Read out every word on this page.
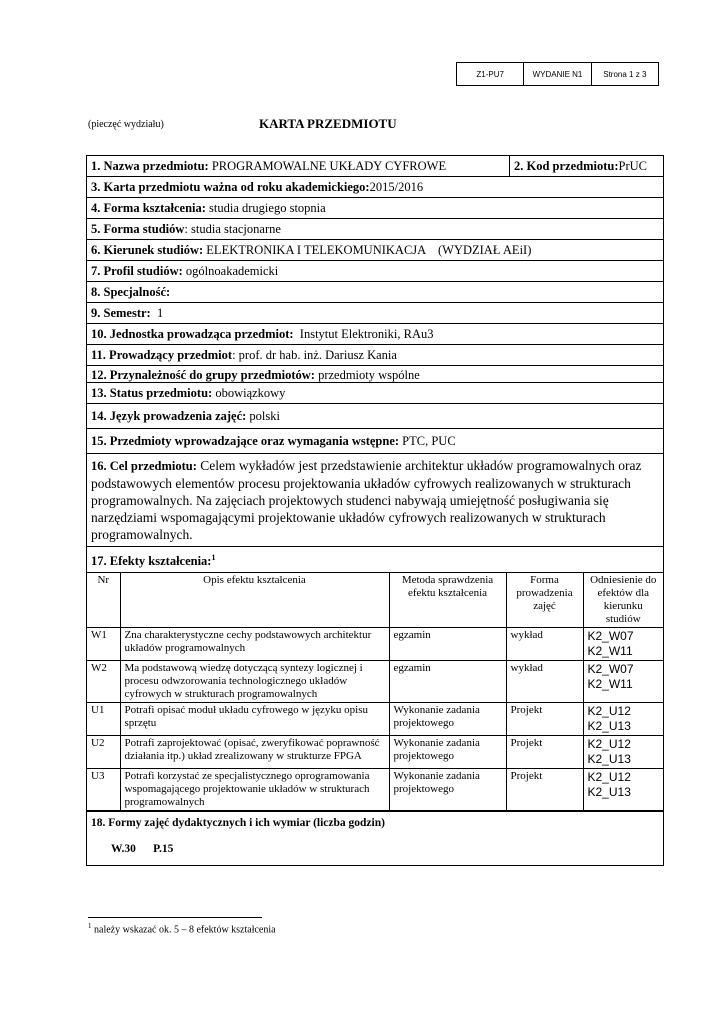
Z1-PU7	WYDANIE N1	Strona 1 z 3
(pieczęć wydziału)	KARTA PRZEDMIOTU
1. Nazwa przedmiotu: PROGRAMOWALNE UKŁADY CYFROWE	2. Kod przedmiotu:PrUC
3. Karta przedmiotu ważna od roku akademickiego:2015/2016
4. Forma kształcenia: studia drugiego stopnia
5. Forma studiów: studia stacjonarne
6. Kierunek studiów: ELEKTRONIKA I TELEKOMUNIKACJA    (WYDZIAŁ AEiI)
7. Profil studiów: ogólnoakademicki
8. Specjalność:
9. Semestr: 1
10. Jednostka prowadząca przedmiot: Instytut Elektroniki, RAu3
11. Prowadzący przedmiot: prof. dr hab. inż. Dariusz Kania
12. Przynależność do grupy przedmiotów: przedmioty wspólne
13. Status przedmiotu: obowiązkowy
14. Język prowadzenia zajęć: polski
15. Przedmioty wprowadzające oraz wymagania wstępne: PTC, PUC
16. Cel przedmiotu: Celem wykładów jest przedstawienie architektur układów programowalnych oraz podstawowych elementów procesu projektowania układów cyfrowych realizowanych w strukturach programowalnych. Na zajęciach projektowych studenci nabywają umiejętność posługiwania się narzędziami wspomagającymi projektowanie układów cyfrowych realizowanych w strukturach programowalnych.
17. Efekty kształcenia:$^1$
Nr	Opis efektu kształcenia	Metoda sprawdzenia efektu kształcenia	Forma prowadzenia zajęć	Odniesienie do efektów dla kierunku studiów
W1	Zna charakterystyczne cechy podstawowych architektur układów programowalnych	egzamin	wykład	K2_W07
K2_W11

W2	Ma podstawową wiedzę dotyczącą syntezy logicznej i procesu odwzorowania technologicznego układów cyfrowych w strukturach programowalnych	egzamin	wykład	K2_W07
K2_W11

U1	Potrafi opisać moduł układu cyfrowego w języku opisu sprzętu	Wykonanie zadania projektowego	Projekt	K2_U12
K2_U13

U2	Potrafi zaprojektować (opisać, zweryfikować poprawność działania itp.) układ zrealizowany w strukturze FPGA	Wykonanie zadania projektowego	Projekt	K2_U12
K2_U13

U3	Potrafi korzystać ze specjalistycznego oprogramowania wspomagającego projektowanie układów w strukturach programowalnych	Wykonanie zadania projektowego	Projekt	K2_U12
K2_U13
18. Formy zajęć dydaktycznych i ich wymiar (liczba godzin)
W.30      P.15
$^1$ należy wskazać ok. 5 – 8 efektów kształcenia
